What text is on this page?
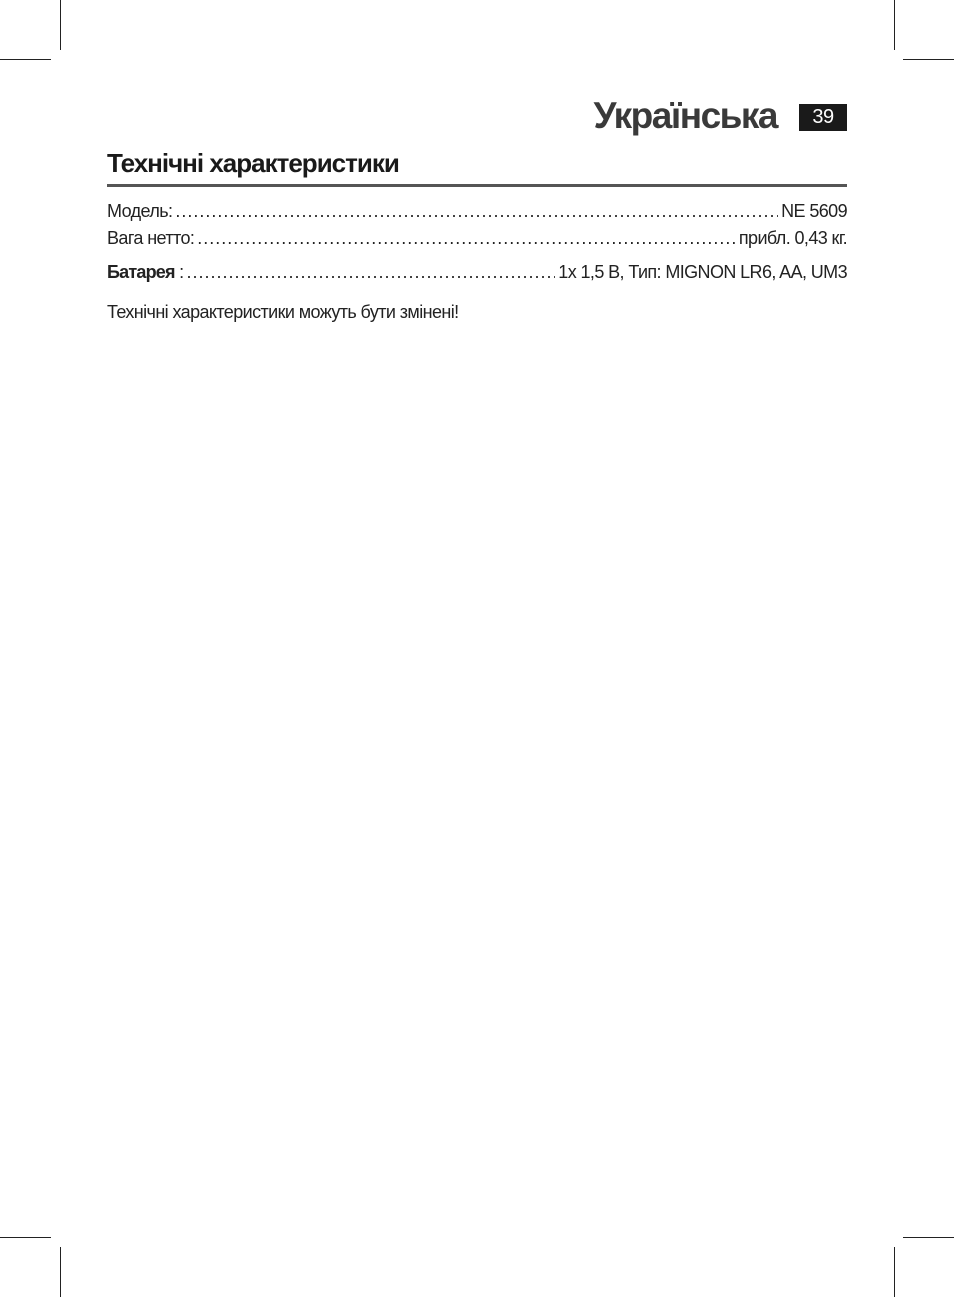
Українська	39
Технічні характеристики
Модель: .....	NE 5609
Вага нетто: .....	прибл. 0,43 кг.
Батарея : .....	1x 1,5 В, Тип: MIGNON LR6, AA, UM3
Технічні характеристики можуть бути змінені!
